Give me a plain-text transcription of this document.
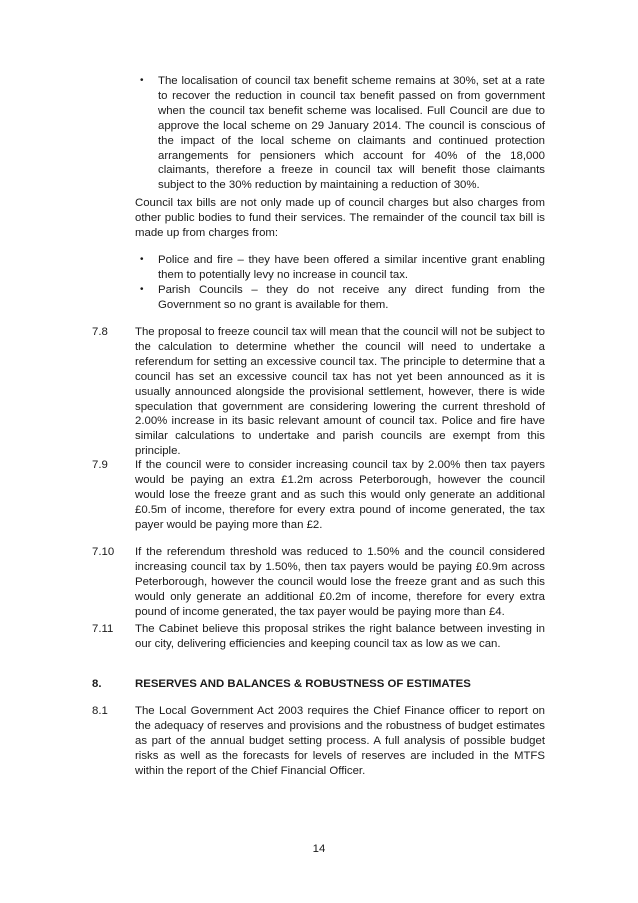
• The localisation of council tax benefit scheme remains at 30%, set at a rate to recover the reduction in council tax benefit passed on from government when the council tax benefit scheme was localised. Full Council are due to approve the local scheme on 29 January 2014. The council is conscious of the impact of the local scheme on claimants and continued protection arrangements for pensioners which account for 40% of the 18,000 claimants, therefore a freeze in council tax will benefit those claimants subject to the 30% reduction by maintaining a reduction of 30%.
Council tax bills are not only made up of council charges but also charges from other public bodies to fund their services. The remainder of the council tax bill is made up from charges from:
• Police and fire – they have been offered a similar incentive grant enabling them to potentially levy no increase in council tax.
• Parish Councils – they do not receive any direct funding from the Government so no grant is available for them.
7.8	The proposal to freeze council tax will mean that the council will not be subject to the calculation to determine whether the council will need to undertake a referendum for setting an excessive council tax. The principle to determine that a council has set an excessive council tax has not yet been announced as it is usually announced alongside the provisional settlement, however, there is wide speculation that government are considering lowering the current threshold of 2.00% increase in its basic relevant amount of council tax. Police and fire have similar calculations to undertake and parish councils are exempt from this principle.
7.9	If the council were to consider increasing council tax by 2.00% then tax payers would be paying an extra £1.2m across Peterborough, however the council would lose the freeze grant and as such this would only generate an additional £0.5m of income, therefore for every extra pound of income generated, the tax payer would be paying more than £2.
7.10	If the referendum threshold was reduced to 1.50% and the council considered increasing council tax by 1.50%, then tax payers would be paying £0.9m across Peterborough, however the council would lose the freeze grant and as such this would only generate an additional £0.2m of income, therefore for every extra pound of income generated, the tax payer would be paying more than £4.
7.11	The Cabinet believe this proposal strikes the right balance between investing in our city, delivering efficiencies and keeping council tax as low as we can.
8.	RESERVES AND BALANCES & ROBUSTNESS OF ESTIMATES
8.1	The Local Government Act 2003 requires the Chief Finance officer to report on the adequacy of reserves and provisions and the robustness of budget estimates as part of the annual budget setting process. A full analysis of possible budget risks as well as the forecasts for levels of reserves are included in the MTFS within the report of the Chief Financial Officer.
14
